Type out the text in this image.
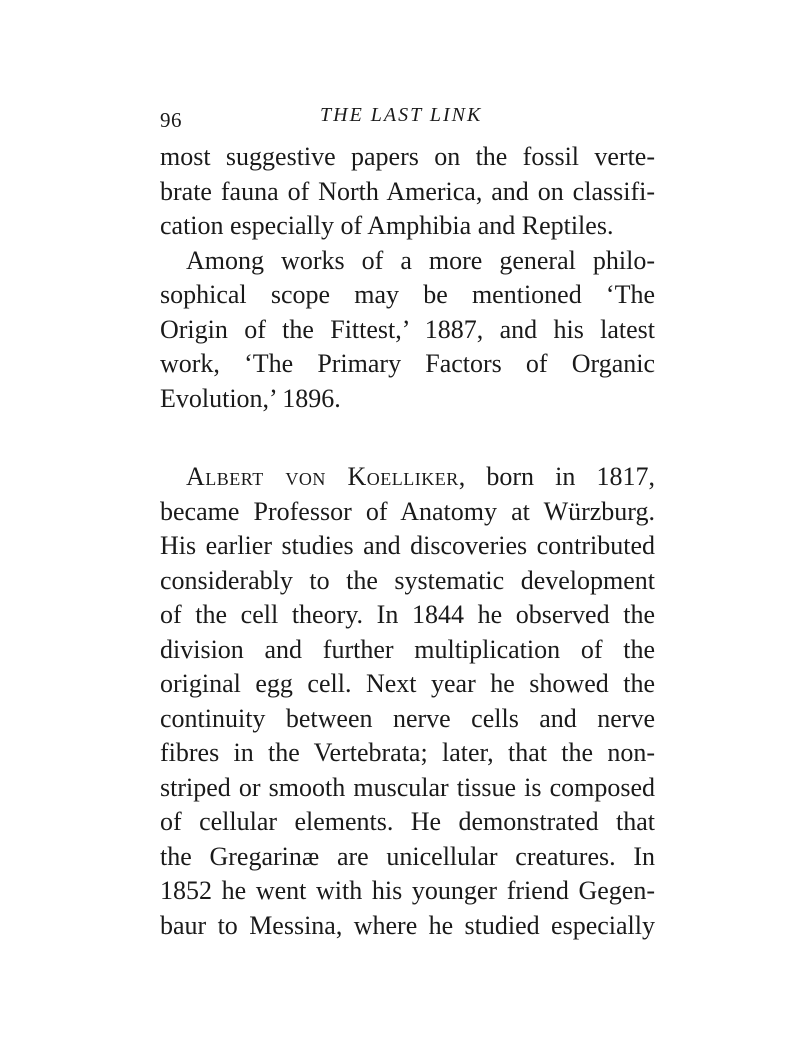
96	THE LAST LINK
most suggestive papers on the fossil verte-
brate fauna of North America, and on classifi-
cation especially of Amphibia and Reptiles.
Among works of a more general philo-
sophical scope may be mentioned ‘The
Origin of the Fittest,’ 1887, and his latest
work, ‘The Primary Factors of Organic
Evolution,’ 1896.
Albert von Koelliker, born in 1817,
became Professor of Anatomy at Würzburg.
His earlier studies and discoveries contributed
considerably to the systematic development
of the cell theory. In 1844 he observed the
division and further multiplication of the
original egg cell. Next year he showed the
continuity between nerve cells and nerve
fibres in the Vertebrata; later, that the non-
striped or smooth muscular tissue is composed
of cellular elements. He demonstrated that
the Gregarinæ are unicellular creatures. In
1852 he went with his younger friend Gegen-
baur to Messina, where he studied especially
